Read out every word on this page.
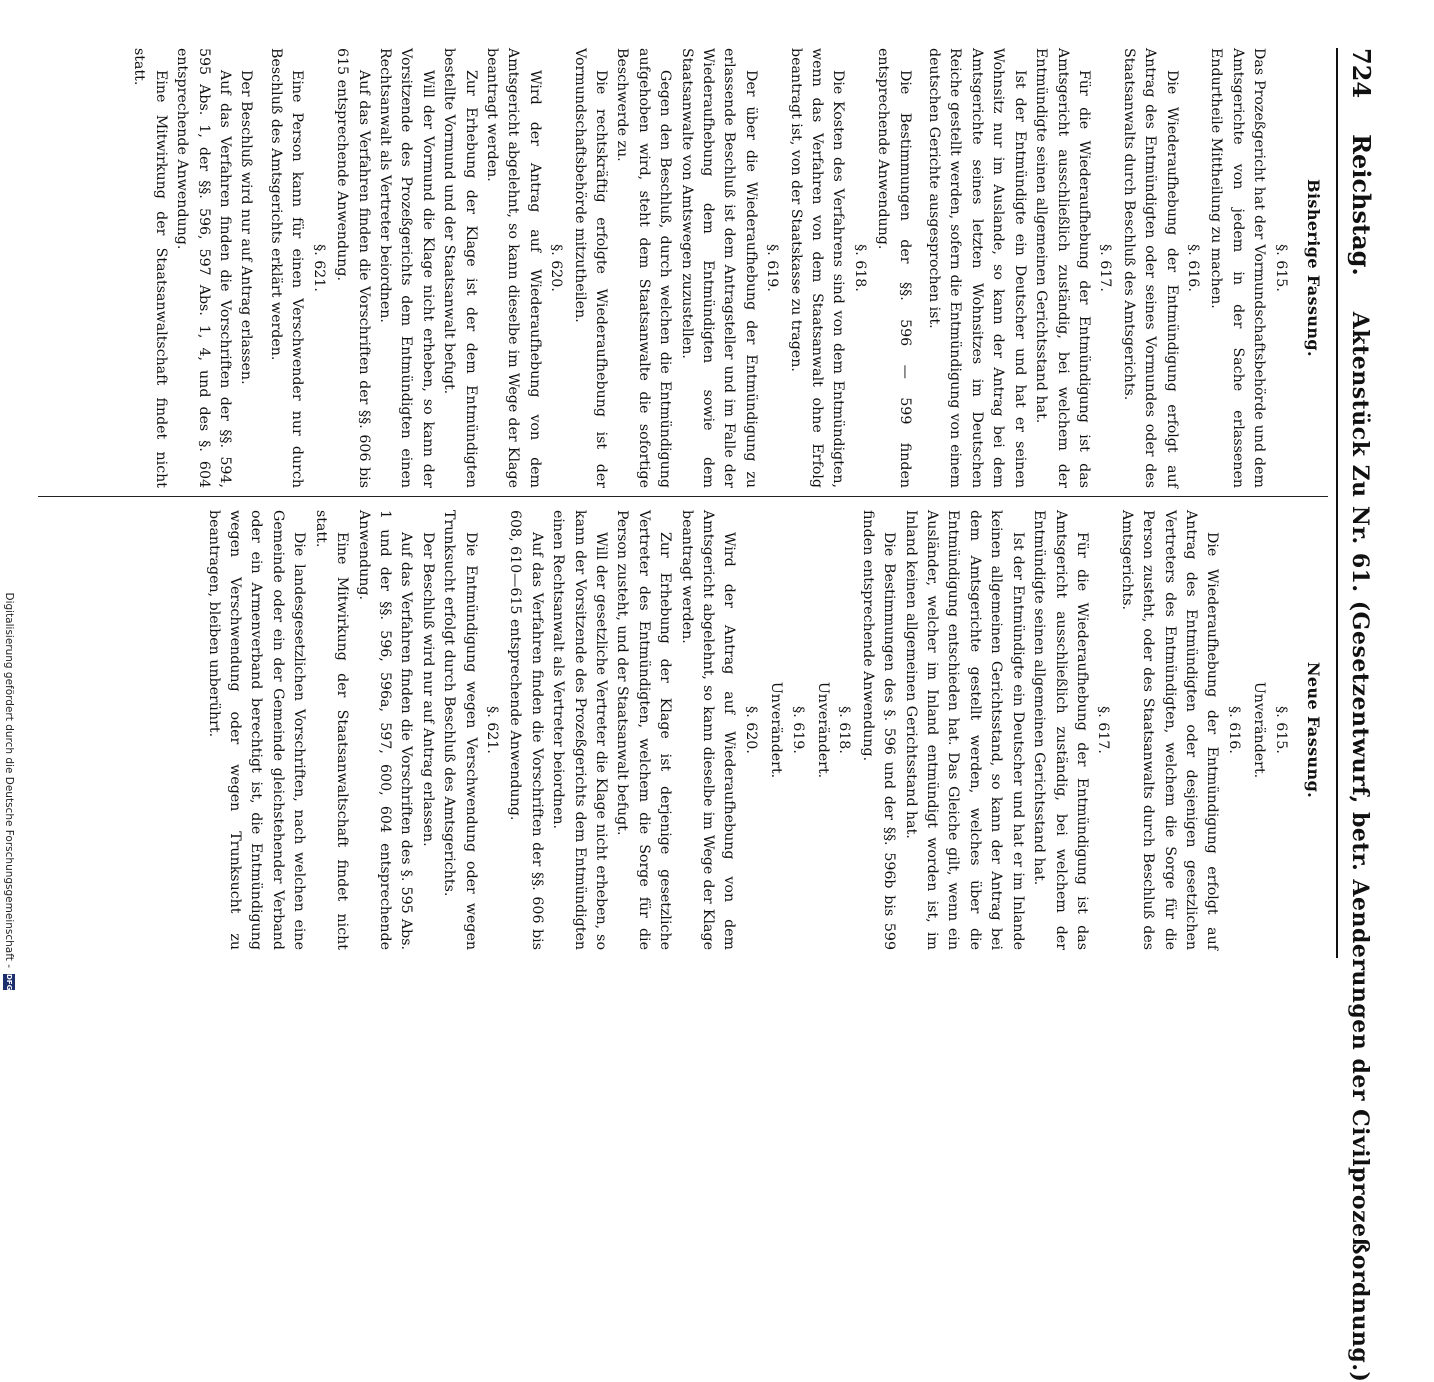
724
Reichstag.
Aktenstück Zu Nr. 61. (Gesetzentwurf, betr. Aenderungen der Civilprozeßordnung.)
Bisherige Fassung.
§. 615.

Das Prozeßgericht hat der Vormundschaftsbehörde und dem Amtsgerichte von jedem in der Sache erlassenen Endurtheile Mittheilung zu machen.

§. 616.

Die Wiederaufhebung der Entmündigung erfolgt auf Antrag des Entmündigten oder seines Vormundes oder des Staatsanwalts durch Beschluß des Amtsgerichts.

§. 617.

Für die Wiederaufhebung der Entmündigung ist das Amtsgericht ausschließlich zuständig, bei welchem der Entmündigte seinen allgemeinen Gerichtsstand hat.

Ist der Entmündigte ein Deutscher und hat er seinen Wohnsitz nur im Auslande, so kann der Antrag bei dem Amtsgerichte seines letzten Wohnsitzes im Deutschen Reiche gestellt werden, sofern die Entmündigung von einem deutschen Gerichte ausgesprochen ist.

Die Bestimmungen der §§. 596 — 599 finden entsprechende Anwendung.

§. 618.

Die Kosten des Verfahrens sind von dem Entmündigten, wenn das Verfahren von dem Staatsanwalt ohne Erfolg beantragt ist, von der Staatskasse zu tragen.

§. 619.

Der über die Wiederaufhebung der Entmündigung zu erlassende Beschluß ist dem Antragsteller und im Falle der Wiederaufhebung dem Entmündigten sowie dem Staatsanwalte von Amtswegen zuzustellen.

Gegen den Beschluß, durch welchen die Entmündigung aufgehoben wird, steht dem Staatsanwalte die sofortige Beschwerde zu.

Die rechtskräftig erfolgte Wiederaufhebung ist der Vormundschaftsbehörde mitzutheilen.

§. 620.

Wird der Antrag auf Wiederaufhebung von dem Amtsgericht abgelehnt, so kann dieselbe im Wege der Klage beantragt werden.

Zur Erhebung der Klage ist der dem Entmündigten bestellte Vormund und der Staatsanwalt befugt.

Will der Vormund die Klage nicht erheben, so kann der Vorsitzende des Prozeßgerichts dem Entmündigten einen Rechtsanwalt als Vertreter beiordnen.

Auf das Verfahren finden die Vorschriften der §§. 606 bis 615 entsprechende Anwendung.

§. 621.

Eine Person kann für einen Verschwender nur durch Beschluß des Amtsgerichts erklärt werden.

Der Beschluß wird nur auf Antrag erlassen.

Auf das Verfahren finden die Vorschriften der §§. 594, 595 Abs. 1, der §§. 596, 597 Abs. 1, 4, und des §. 604 entsprechende Anwendung.

Eine Mitwirkung der Staatsanwaltschaft findet nicht statt.

Neue Fassung.
§. 615.
Unverändert.
§. 616.

Die Wiederaufhebung der Entmündigung erfolgt auf Antrag des Entmündigten oder desjenigen gesetzlichen Vertreters des Entmündigten, welchem die Sorge für die Person zusteht, oder des Staatsanwalts durch Beschluß des Amtsgerichts.

§. 617.

Für die Wiederaufhebung der Entmündigung ist das Amtsgericht ausschließlich zuständig, bei welchem der Entmündigte seinen allgemeinen Gerichtsstand hat.

Ist der Entmündigte ein Deutscher und hat er im Inlande keinen allgemeinen Gerichtsstand, so kann der Antrag bei dem Amtsgerichte gestellt werden, welches über die Entmündigung entschieden hat. Das Gleiche gilt, wenn ein Ausländer, welcher im Inland entmündigt worden ist, im Inland keinen allgemeinen Gerichtsstand hat.

Die Bestimmungen des §. 596 und der §§. 596b bis 599 finden entsprechende Anwendung.

§. 618.
Unverändert.
§. 619.
Unverändert.
§. 620.

Wird der Antrag auf Wiederaufhebung von dem Amtsgericht abgelehnt, so kann dieselbe im Wege der Klage beantragt werden.

Zur Erhebung der Klage ist derjenige gesetzliche Vertreter des Entmündigten, welchem die Sorge für die Person zusteht, und der Staatsanwalt befugt.

Will der gesetzliche Vertreter die Klage nicht erheben, so kann der Vorsitzende des Prozeßgerichts dem Entmündigten einen Rechtsanwalt als Vertreter beiordnen.

Auf das Verfahren finden die Vorschriften der §§. 606 bis 608, 610—615 entsprechende Anwendung.

§. 621.

Die Entmündigung wegen Verschwendung oder wegen Trunksucht erfolgt durch Beschluß des Amtsgerichts.

Der Beschluß wird nur auf Antrag erlassen.

Auf das Verfahren finden die Vorschriften des §. 595 Abs. 1 und der §§. 596, 596a, 597, 600, 604 entsprechende Anwendung.

Eine Mitwirkung der Staatsanwaltschaft findet nicht statt.

Die landesgesetzlichen Vorschriften, nach welchen eine Gemeinde oder ein der Gemeinde gleichstehender Verband oder ein Armenverband berechtigt ist, die Entmündigung wegen Verschwendung oder wegen Trunksucht zu beantragen, bleiben unberührt.

Digitalisierung gefördert durch die Deutsche Forschungsgemeinschaft -
DFG
